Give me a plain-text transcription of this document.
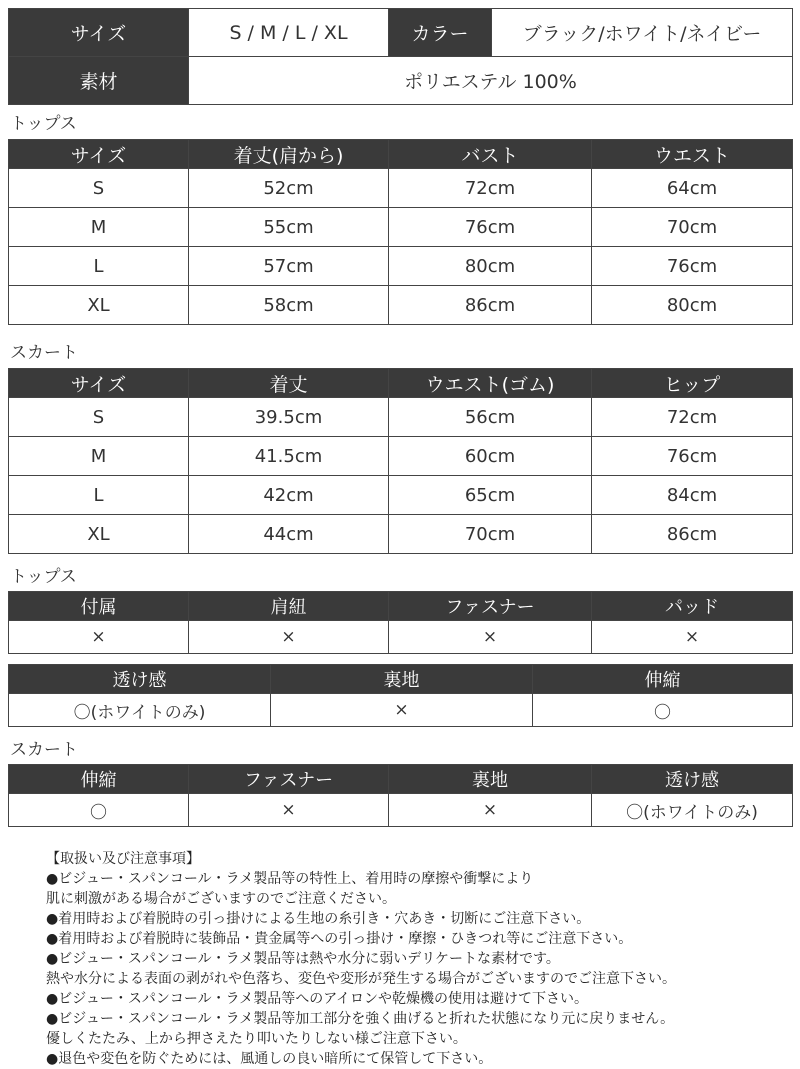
サイズ	S / M / L / XL	カラー	ブラック/ホワイト/ネイビー
素材	ポリエステル 100%		
トップス
サイズ	着丈(肩から)	バスト	ウエスト
S	52cm	72cm	64cm
M	55cm	76cm	70cm
L	57cm	80cm	76cm
XL	58cm	86cm	80cm
スカート
サイズ	着丈	ウエスト(ゴム)	ヒップ
S	39.5cm	56cm	72cm
M	41.5cm	60cm	76cm
L	42cm	65cm	84cm
XL	44cm	70cm	86cm
トップス
付属	肩紐	ファスナー	パッド
×	×	×	×
透け感	裏地	伸縮
〇(ホワイトのみ)	×	〇
スカート
伸縮	ファスナー	裏地	透け感
〇	×	×	〇(ホワイトのみ)
【取扱い及び注意事項】
●ビジュー・スパンコール・ラメ製品等の特性上、着用時の摩擦や衝撃により
肌に刺激がある場合がございますのでご注意ください。
●着用時および着脱時の引っ掛けによる生地の糸引き・穴あき・切断にご注意下さい。
●着用時および着脱時に装飾品・貴金属等への引っ掛け・摩擦・ひきつれ等にご注意下さい。
●ビジュー・スパンコール・ラメ製品等は熱や水分に弱いデリケートな素材です。
熱や水分による表面の剥がれや色落ち、変色や変形が発生する場合がございますのでご注意下さい。
●ビジュー・スパンコール・ラメ製品等へのアイロンや乾燥機の使用は避けて下さい。
●ビジュー・スパンコール・ラメ製品等加工部分を強く曲げると折れた状態になり元に戻りません。
優しくたたみ、上から押さえたり叩いたりしない様ご注意下さい。
●退色や変色を防ぐためには、風通しの良い暗所にて保管して下さい。
